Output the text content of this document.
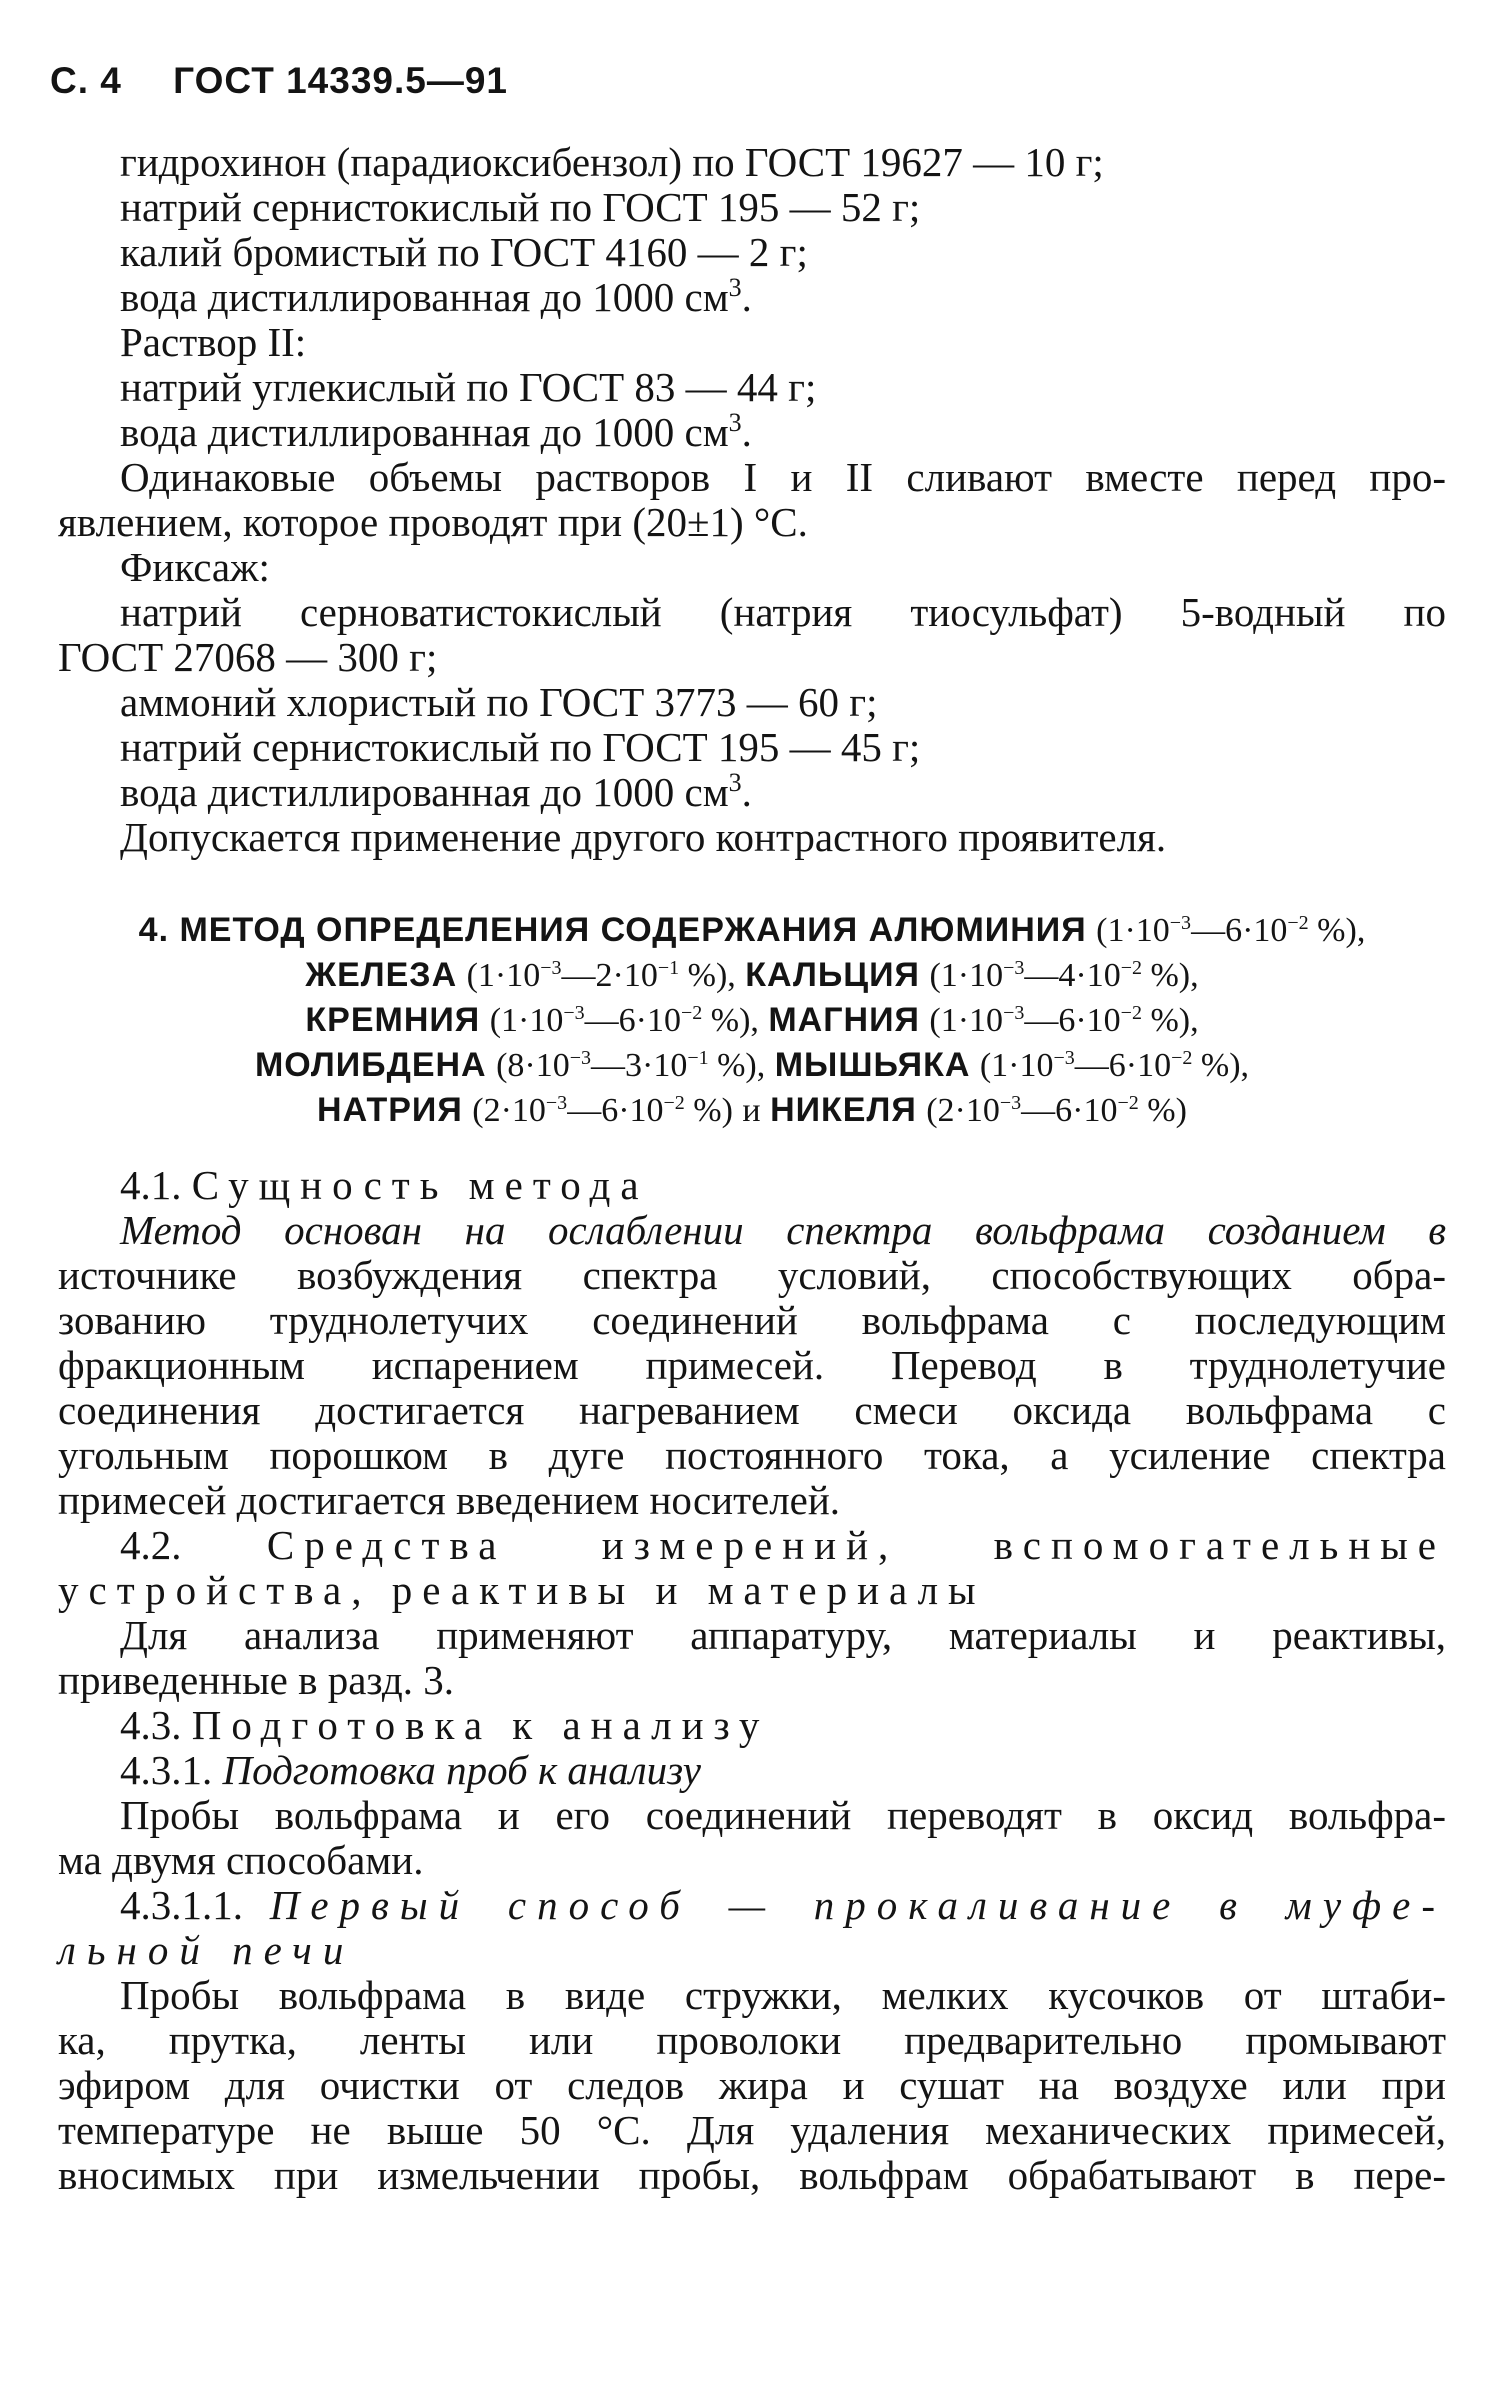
С. 4 ГОСТ 14339.5—91

гидрохинон (парадиоксибензол) по ГОСТ 19627 — 10 г;

натрий сернистокислый по ГОСТ 195 — 52 г;

калий бромистый по ГОСТ 4160 — 2 г;

вода дистиллированная до 1000 $см^3$.

Раствор II:

натрий углекислый по ГОСТ 83 — 44 г;

вода дистиллированная до 1000 $см^3$.

Одинаковые объемы растворов I и II сливают вместе перед про-

явлением, которое проводят при (20±1) °С.

Фиксаж:

натрий серноватистокислый (натрия тиосульфат) 5-водный по

ГОСТ 27068 — 300 г;

аммоний хлористый по ГОСТ 3773 — 60 г;

натрий сернистокислый по ГОСТ 195 — 45 г;

вода дистиллированная до 1000 $см^3$.

Допускается применение другого контрастного проявителя.

4. МЕТОД ОПРЕДЕЛЕНИЯ СОДЕРЖАНИЯ АЛЮМИНИЯ ($1\cdot 10^{-3}—6\cdot 10^{-2}$ %),

ЖЕЛЕЗА ($1\cdot 10^{-3}—2\cdot 10^{-1}$ %), КАЛЬЦИЯ ($1\cdot 10^{-3}—4\cdot 10^{-2}$ %),

КРЕМНИЯ ($1\cdot 10^{-3}—6\cdot 10^{-2}$ %), МАГНИЯ ($1\cdot 10^{-3}—6\cdot 10^{-2}$ %),

МОЛИБДЕНА ($8\cdot 10^{-3}—3\cdot 10^{-1}$ %), МЫШЬЯКА ($1\cdot 10^{-3}—6\cdot 10^{-2}$ %),

НАТРИЯ ($2\cdot 10^{-3}—6\cdot 10^{-2}$ %) и НИКЕЛЯ ($2\cdot 10^{-3}—6\cdot 10^{-2}$ %)

4.1. Сущность метода

Метод основан на ослаблении спектра вольфрама созданием в

источнике возбуждения спектра условий, способствующих обра-

зованию труднолетучих соединений вольфрама с последующим

фракционным испарением примесей. Перевод в труднолетучие

соединения достигается нагреванием смеси оксида вольфрама с

угольным порошком в дуге постоянного тока, а усиление спектра

примесей достигается введением носителей.

4.2. Средства измерений, вспомогательные

устройства, реактивы и материалы

Для анализа применяют аппаратуру, материалы и реактивы,

приведенные в разд. 3.

4.3. Подготовка к анализу

4.3.1. Подготовка проб к анализу

Пробы вольфрама и его соединений переводят в оксид вольфра-

ма двумя способами.

4.3.1.1. Первый способ — прокаливание в муфе-

льной печи

Пробы вольфрама в виде стружки, мелких кусочков от штаби-

ка, прутка, ленты или проволоки предварительно промывают

эфиром для очистки от следов жира и сушат на воздухе или при

температуре не выше 50 °С. Для удаления механических примесей,

вносимых при измельчении пробы, вольфрам обрабатывают в пере-
